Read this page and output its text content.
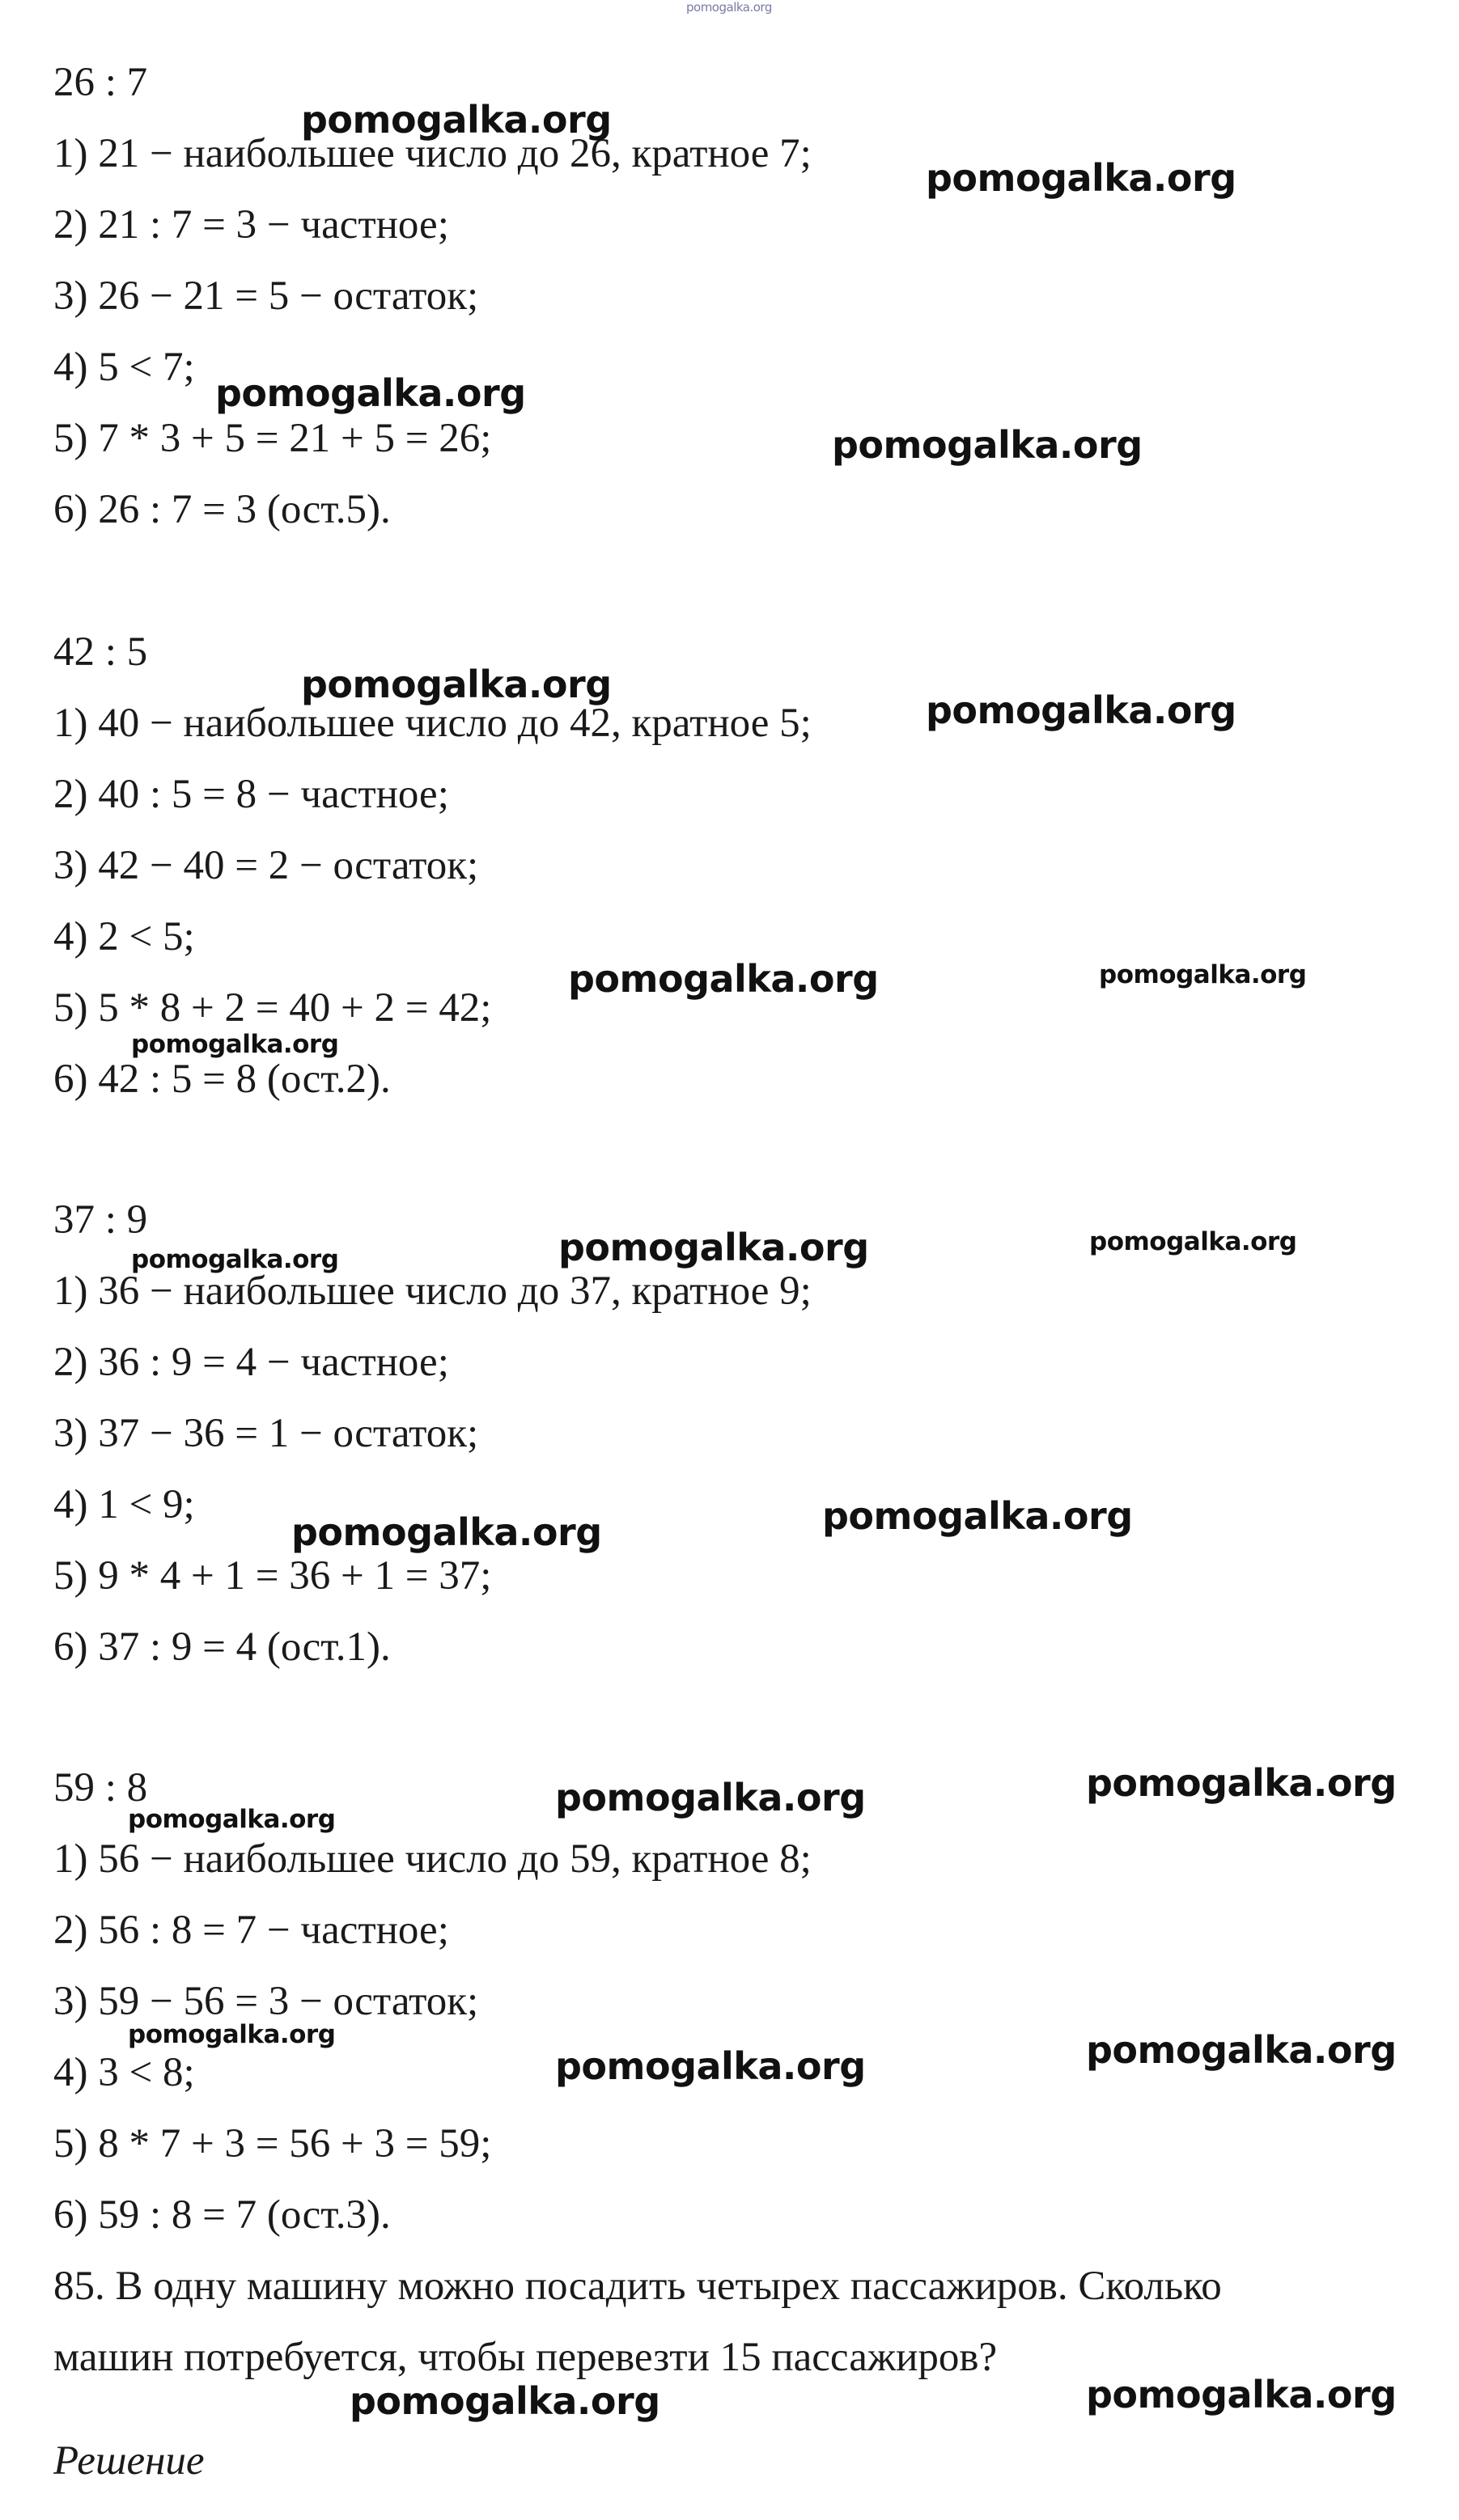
pomogalka.org
26 : 7
1) 21 − наибольшее число до 26, кратное 7;
2) 21 : 7 = 3 − частное;
3) 26 − 21 = 5 − остаток;
4) 5 < 7;
5) 7 * 3 + 5 = 21 + 5 = 26;
6) 26 : 7 = 3 (ост.5).
42 : 5
1) 40 − наибольшее число до 42, кратное 5;
2) 40 : 5 = 8 − частное;
3) 42 − 40 = 2 − остаток;
4) 2 < 5;
5) 5 * 8 + 2 = 40 + 2 = 42;
6) 42 : 5 = 8 (ост.2).
37 : 9
1) 36 − наибольшее число до 37, кратное 9;
2) 36 : 9 = 4 − частное;
3) 37 − 36 = 1 − остаток;
4) 1 < 9;
5) 9 * 4 + 1 = 36 + 1 = 37;
6) 37 : 9 = 4 (ост.1).
59 : 8
1) 56 − наибольшее число до 59, кратное 8;
2) 56 : 8 = 7 − частное;
3) 59 − 56 = 3 − остаток;
4) 3 < 8;
5) 8 * 7 + 3 = 56 + 3 = 59;
6) 59 : 8 = 7 (ост.3).
85. В одну машину можно посадить четырех пассажиров. Сколько
машин потребуется, чтобы перевезти 15 пассажиров?
Решение
pomogalka.org
pomogalka.org
pomogalka.org
pomogalka.org
pomogalka.org
pomogalka.org
pomogalka.org	pomogalka.org
pomogalka.org
pomogalka.org	pomogalka.org
pomogalka.org
pomogalka.org	pomogalka.org
pomogalka.org
pomogalka.org
pomogalka.org
pomogalka.org
pomogalka.org	pomogalka.org
pomogalka.org	pomogalka.org
